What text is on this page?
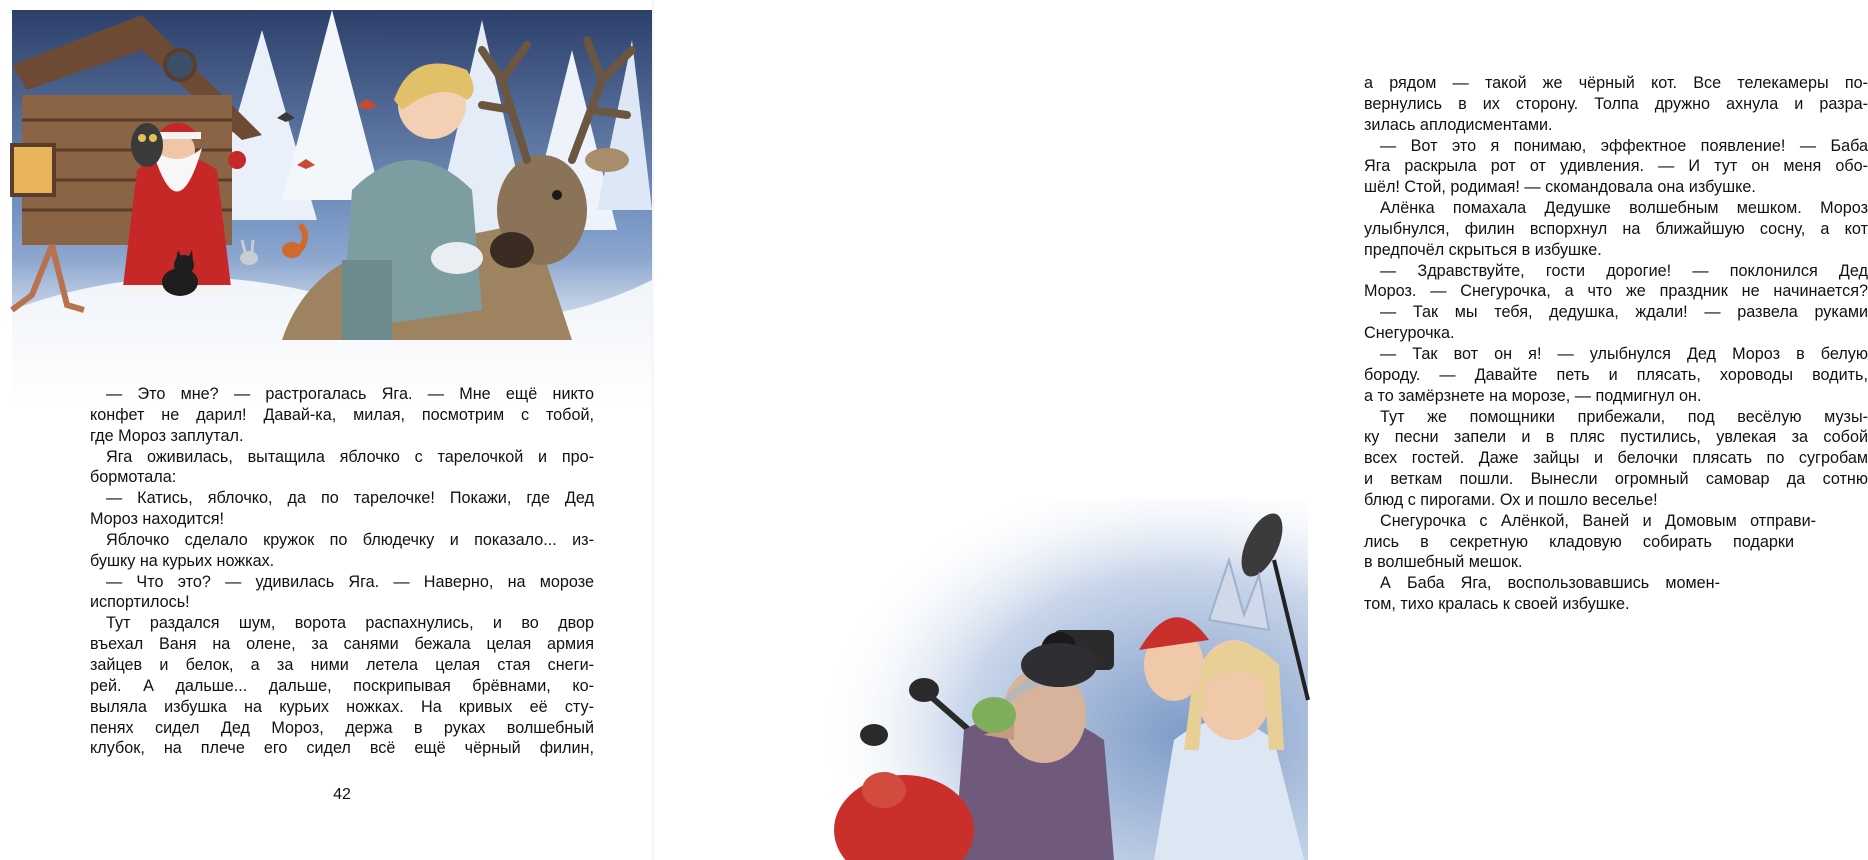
— Это мне? — растрогалась Яга. — Мне ещё никто
конфет не дарил! Давай-ка, милая, посмотрим с тобой,
где Мороз заплутал.
Яга оживилась, вытащила яблочко с тарелочкой и про-
бормотала:
— Катись, яблочко, да по тарелочке! Покажи, где Дед
Мороз находится!
Яблочко сделало кружок по блюдечку и показало... из-
бушку на курьих ножках.
— Что это? — удивилась Яга. — Наверно, на морозе
испортилось!
Тут раздался шум, ворота распахнулись, и во двор
въехал Ваня на олене, за санями бежала целая армия
зайцев и белок, а за ними летела целая стая снеги-
рей. А дальше... дальше, поскрипывая брёвнами, ко-
выляла избушка на курьих ножках. На кривых её сту-
пенях сидел Дед Мороз, держа в руках волшебный
клубок, на плече его сидел всё ещё чёрный филин,
42
а рядом — такой же чёрный кот. Все телекамеры по-
вернулись в их сторону. Толпа дружно ахнула и разра-
зилась аплодисментами.
— Вот это я понимаю, эффектное появление! — Баба
Яга раскрыла рот от удивления. — И тут он меня обо-
шёл! Стой, родимая! — скомандовала она избушке.
Алёнка помахала Дедушке волшебным мешком. Мороз
улыбнулся, филин вспорхнул на ближайшую сосну, а кот
предпочёл скрыться в избушке.
— Здравствуйте, гости дорогие! — поклонился Дед
Мороз. — Снегурочка, а что же праздник не начинается?
— Так мы тебя, дедушка, ждали! — развела руками
Снегурочка.
— Так вот он я! — улыбнулся Дед Мороз в белую
бороду. — Давайте петь и плясать, хороводы водить,
а то замёрзнете на морозе, — подмигнул он.
Тут же помощники прибежали, под весёлую музы-
ку песни запели и в пляс пустились, увлекая за собой
всех гостей. Даже зайцы и белочки плясать по сугробам
и веткам пошли. Вынесли огромный самовар да сотню
блюд с пирогами. Ох и пошло веселье!
Снегурочка с Алёнкой, Ваней и Домовым отправи-
лись в секретную кладовую собирать подарки
в волшебный мешок.
А Баба Яга, воспользовавшись момен-
том, тихо кралась к своей избушке.
